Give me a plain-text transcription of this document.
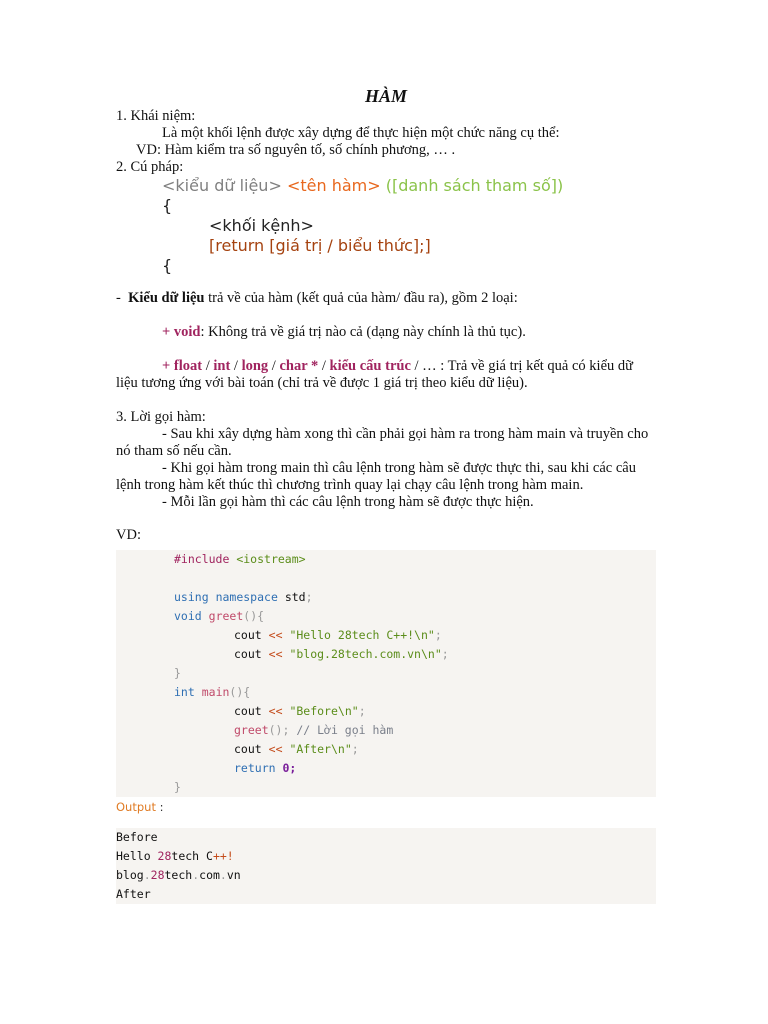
HÀM
1. Khái niệm:
Là một khối lệnh được xây dựng để thực hiện một chức năng cụ thể:
VD: Hàm kiểm tra số nguyên tố, số chính phương, … .
2. Cú pháp:
<kiểu dữ liệu> <tên hàm> ([danh sách tham số])
{
<khối kệnh>
[return [giá trị / biểu thức];]
{
- Kiểu dữ liệu trả về của hàm (kết quả của hàm/ đầu ra), gồm 2 loại:
+ void: Không trả về giá trị nào cả (dạng này chính là thủ tục).
+ float / int / long / char * / kiểu cấu trúc / … : Trả về giá trị kết quả có kiểu dữ liệu tương ứng với bài toán (chỉ trả về được 1 giá trị theo kiểu dữ liệu).
3. Lời gọi hàm:
- Sau khi xây dựng hàm xong thì cần phải gọi hàm ra trong hàm main và truyền cho nó tham số nếu cần.
- Khi gọi hàm trong main thì câu lệnh trong hàm sẽ được thực thi, sau khi các câu lệnh trong hàm kết thúc thì chương trình quay lại chạy câu lệnh trong hàm main.
- Mỗi lần gọi hàm thì các câu lệnh trong hàm sẽ được thực hiện.
VD:
#include <iostream>

using namespace std;
void greet(){
cout << "Hello 28tech C++!\n";
cout << "blog.28tech.com.vn\n";
}
int main(){
cout << "Before\n";
greet(); // Lời gọi hàm
cout << "After\n";
return 0;
}
Output :
Before
Hello 28tech C++!
blog.28tech.com.vn
After
